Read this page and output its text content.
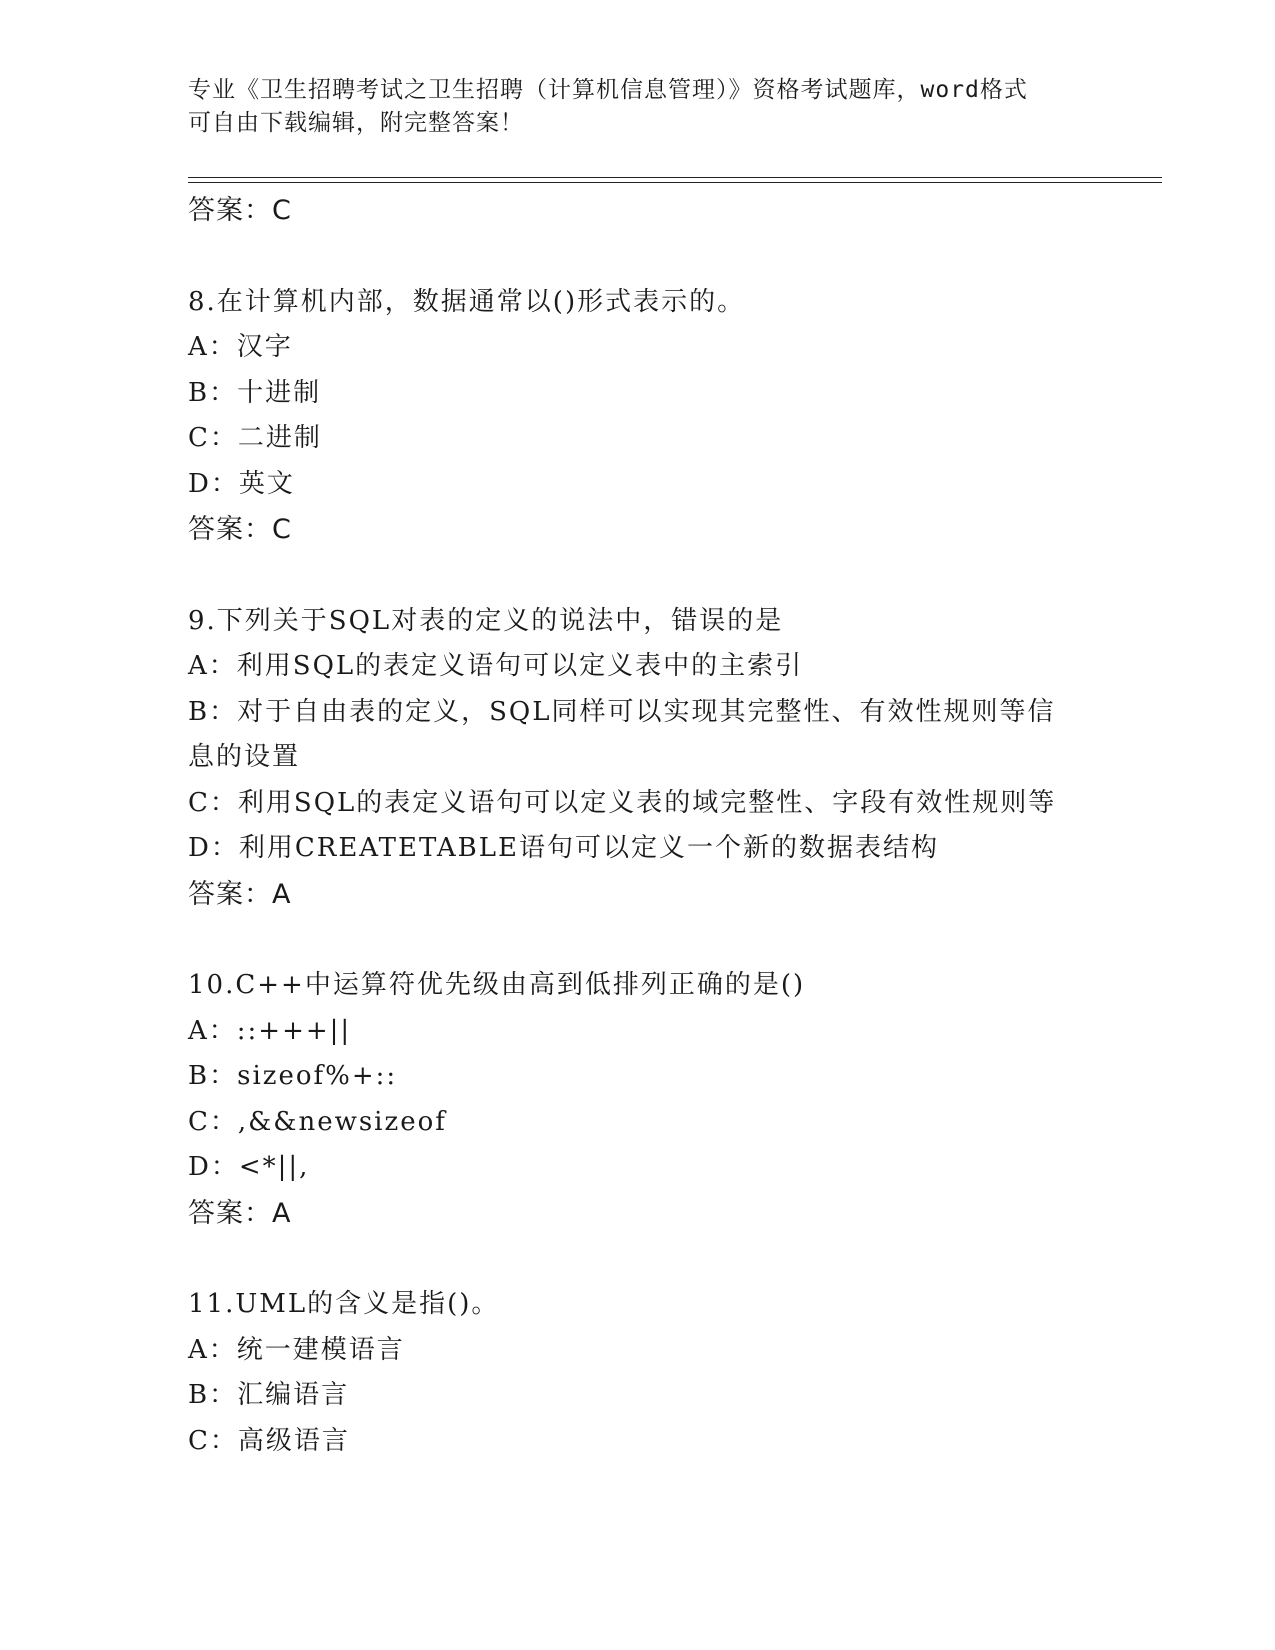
专业《卫生招聘考试之卫生招聘（计算机信息管理）》资格考试题库，word格式
可自由下载编辑，附完整答案！
答案：C
8.在计算机内部，数据通常以()形式表示的。
A：汉字
B：十进制
C：二进制
D：英文
答案：C
9.下列关于SQL对表的定义的说法中，错误的是
A：利用SQL的表定义语句可以定义表中的主索引
B：对于自由表的定义，SQL同样可以实现其完整性、有效性规则等信
息的设置
C：利用SQL的表定义语句可以定义表的域完整性、字段有效性规则等
D：利用CREATETABLE语句可以定义一个新的数据表结构
答案：A
10.C++中运算符优先级由高到低排列正确的是()
A：::+++||
B：sizeof%+::
C：,&&newsizeof
D：<*||,
答案：A
11.UML的含义是指()。
A：统一建模语言
B：汇编语言
C：高级语言
